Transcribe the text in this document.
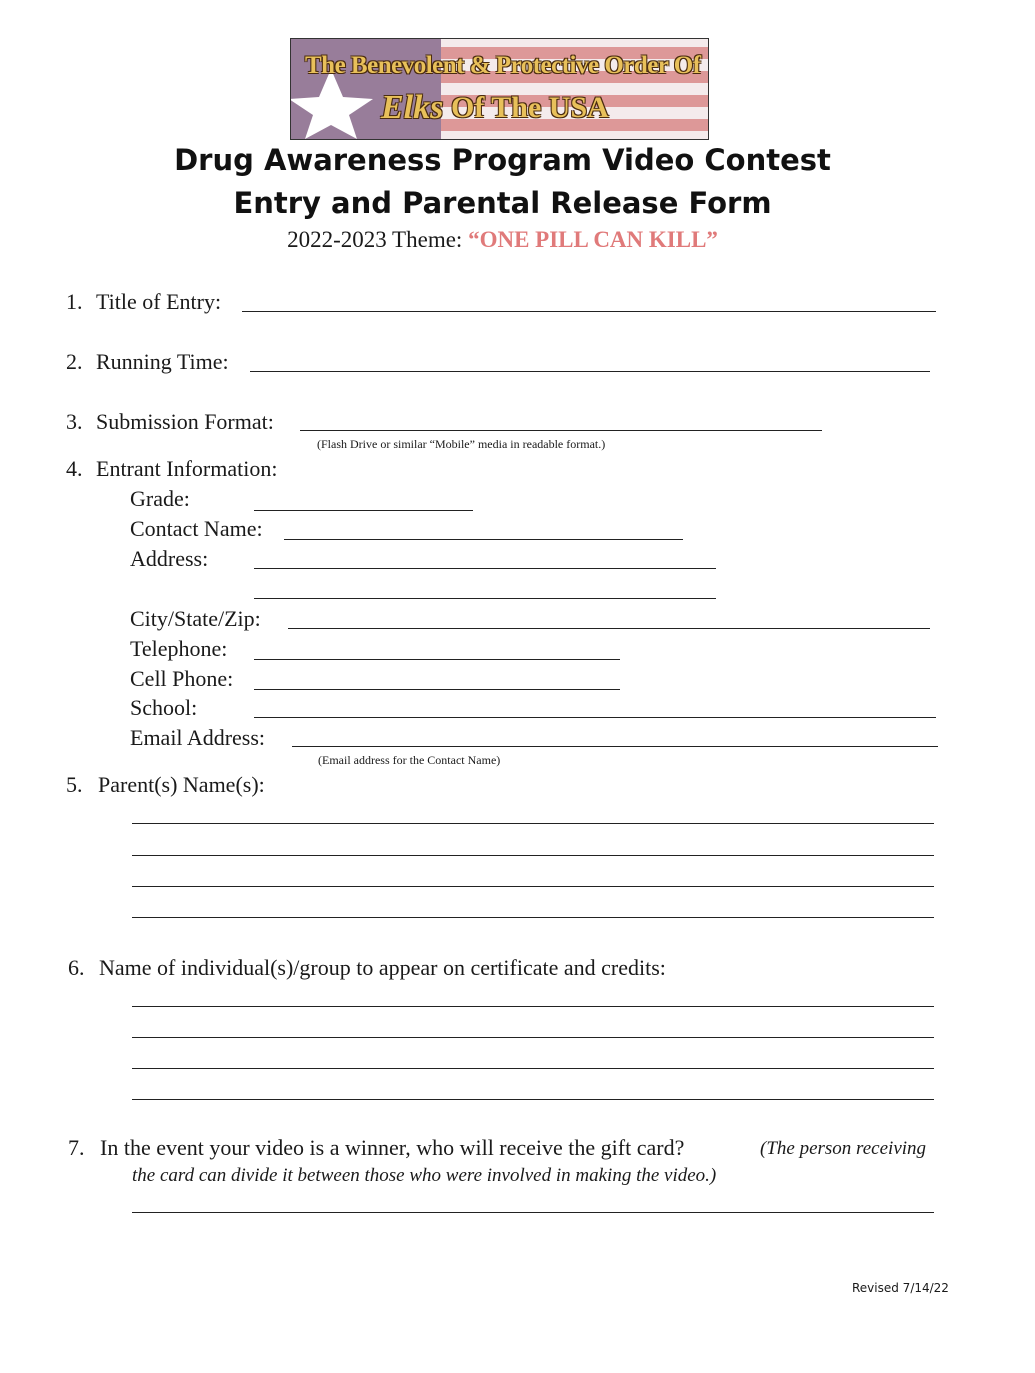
The Benevolent & Protective Order Of
Elks Of The USA
Drug Awareness Program Video Contest
Entry and Parental Release Form
2022-2023 Theme: “ONE PILL CAN KILL”
1. Title of Entry:
2. Running Time:
3. Submission Format:
(Flash Drive or similar “Mobile” media in readable format.)
4. Entrant Information:
Grade:
Contact Name:
Address:
City/State/Zip:
Telephone:
Cell Phone:
School:
Email Address:
(Email address for the Contact Name)
5. Parent(s) Name(s):
6. Name of individual(s)/group to appear on certificate and credits:
7. In the event your video is a winner, who will receive the gift card?	(The person receiving
the card can divide it between those who were involved in making the video.)
Revised 7/14/22
